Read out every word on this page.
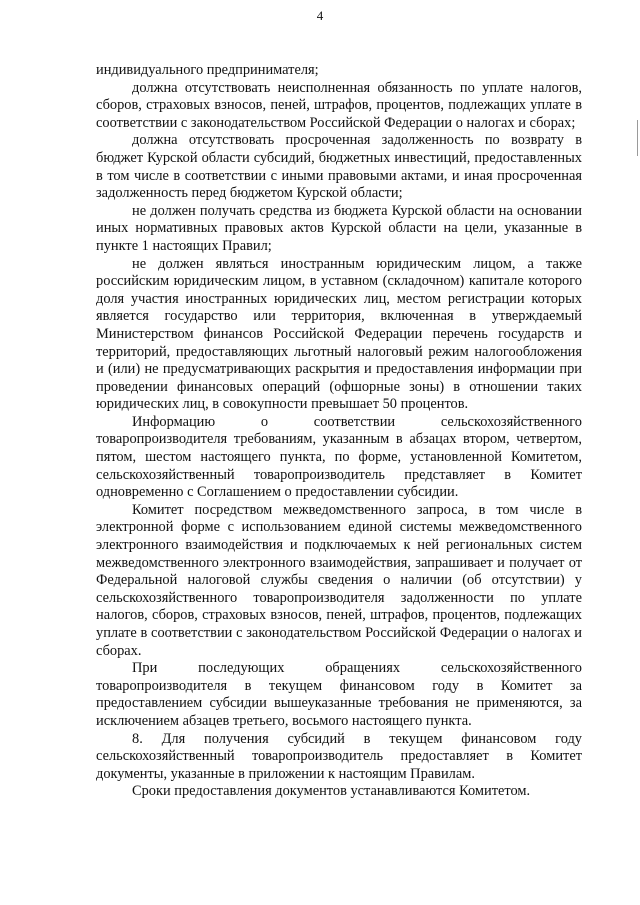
4

индивидуального предпринимателя;

должна отсутствовать неисполненная обязанность по уплате налогов, сборов, страховых взносов, пеней, штрафов, процентов, подлежащих уплате в соответствии с законодательством Российской Федерации о налогах и сборах;

должна отсутствовать просроченная задолженность по возврату в бюджет Курской области субсидий, бюджетных инвестиций, предоставленных в том числе в соответствии с иными правовыми актами, и иная просроченная задолженность перед бюджетом Курской области;

не должен получать средства из бюджета Курской области на основании иных нормативных правовых актов Курской области на цели, указанные в пункте 1 настоящих Правил;

не должен являться иностранным юридическим лицом, а также российским юридическим лицом, в уставном (складочном) капитале которого доля участия иностранных юридических лиц, местом регистрации которых является государство или территория, включенная в утверждаемый Министерством финансов Российской Федерации перечень государств и территорий, предоставляющих льготный налоговый режим налогообложения и (или) не предусматривающих раскрытия и предоставления информации при проведении финансовых операций (офшорные зоны) в отношении таких юридических лиц, в совокупности превышает 50 процентов.

Информацию о соответствии сельскохозяйственного товаропроизводителя требованиям, указанным в абзацах втором, четвертом, пятом, шестом настоящего пункта, по форме, установленной Комитетом, сельскохозяйственный товаропроизводитель представляет в Комитет одновременно с Соглашением о предоставлении субсидии.

Комитет посредством межведомственного запроса, в том числе в электронной форме с использованием единой системы межведомственного электронного взаимодействия и подключаемых к ней региональных систем межведомственного электронного взаимодействия, запрашивает и получает от Федеральной налоговой службы сведения о наличии (об отсутствии) у сельскохозяйственного товаропроизводителя задолженности по уплате налогов, сборов, страховых взносов, пеней, штрафов, процентов, подлежащих уплате в соответствии с законодательством Российской Федерации о налогах и сборах.

При последующих обращениях сельскохозяйственного товаропроизводителя в текущем финансовом году в Комитет за предоставлением субсидии вышеуказанные требования не применяются, за исключением абзацев третьего, восьмого настоящего пункта.

8. Для получения субсидий в текущем финансовом году сельскохозяйственный товаропроизводитель предоставляет в Комитет документы, указанные в приложении к настоящим Правилам.

Сроки предоставления документов устанавливаются Комитетом.
